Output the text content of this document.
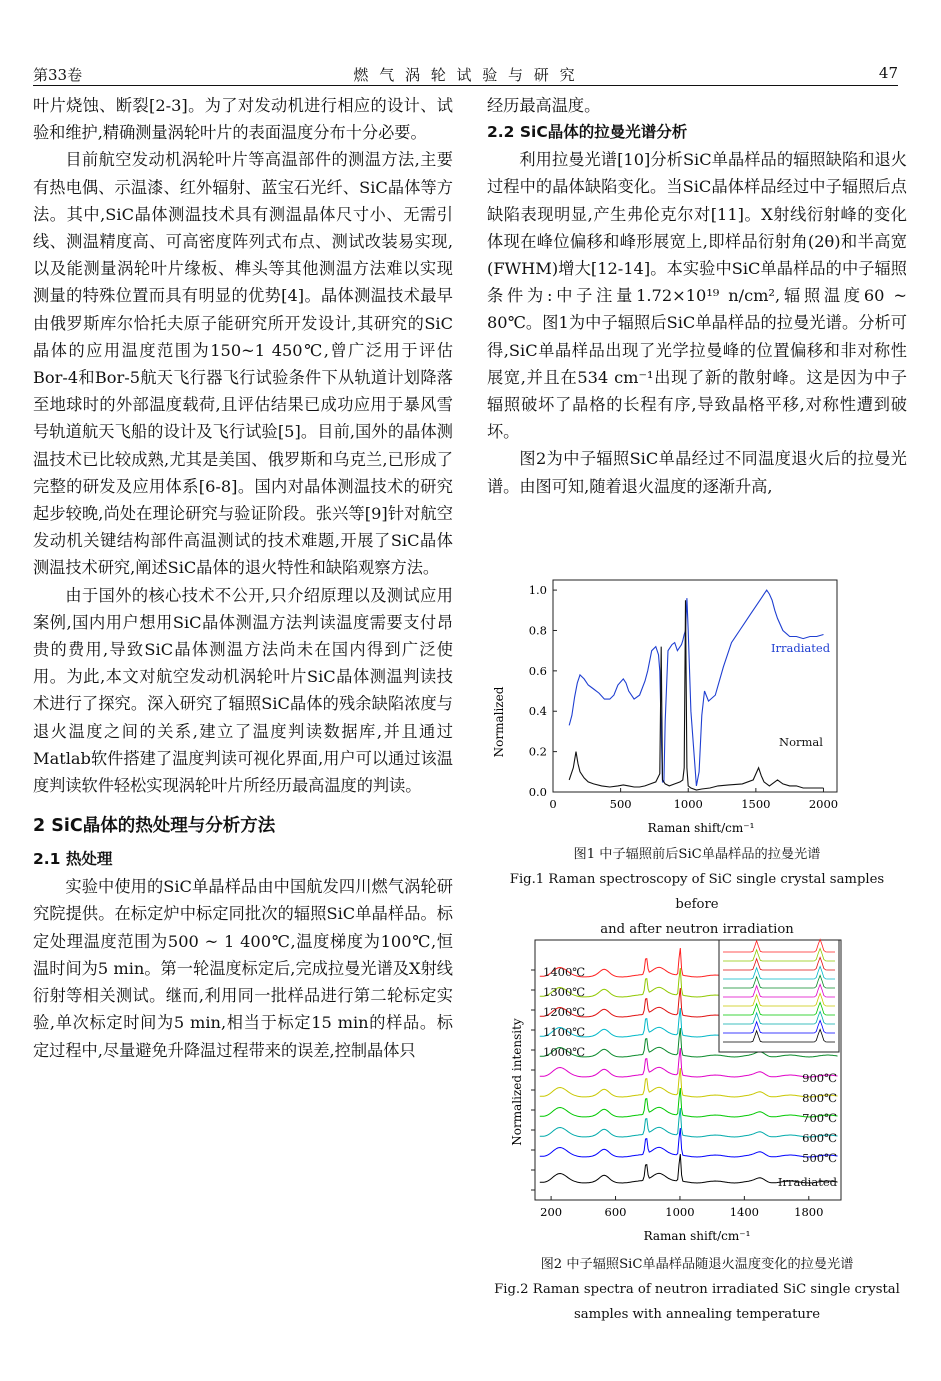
第33卷	燃 气 涡 轮 试 验 与 研 究	47

叶片烧蚀、断裂[2-3]。为了对发动机进行相应的设计、试验和维护,精确测量涡轮叶片的表面温度分布十分必要。

目前航空发动机涡轮叶片等高温部件的测温方法,主要有热电偶、示温漆、红外辐射、蓝宝石光纤、SiC晶体等方法。其中,SiC晶体测温技术具有测温晶体尺寸小、无需引线、测温精度高、可高密度阵列式布点、测试改装易实现,以及能测量涡轮叶片缘板、榫头等其他测温方法难以实现测量的特殊位置而具有明显的优势[4]。晶体测温技术最早由俄罗斯库尔恰托夫原子能研究所开发设计,其研究的SiC晶体的应用温度范围为150~1 450℃,曾广泛用于评估Bor-4和Bor-5航天飞行器飞行试验条件下从轨道计划降落至地球时的外部温度载荷,且评估结果已成功应用于暴风雪号轨道航天飞船的设计及飞行试验[5]。目前,国外的晶体测温技术已比较成熟,尤其是美国、俄罗斯和乌克兰,已形成了完整的研发及应用体系[6-8]。国内对晶体测温技术的研究起步较晚,尚处在理论研究与验证阶段。张兴等[9]针对航空发动机关键结构部件高温测试的技术难题,开展了SiC晶体测温技术研究,阐述SiC晶体的退火特性和缺陷观察方法。

由于国外的核心技术不公开,只介绍原理以及测试应用案例,国内用户想用SiC晶体测温方法判读温度需要支付昂贵的费用,导致SiC晶体测温方法尚未在国内得到广泛使用。为此,本文对航空发动机涡轮叶片SiC晶体测温判读技术进行了探究。深入研究了辐照SiC晶体的残余缺陷浓度与退火温度之间的关系,建立了温度判读数据库,并且通过Matlab软件搭建了温度判读可视化界面,用户可以通过该温度判读软件轻松实现涡轮叶片所经历最高温度的判读。

2 SiC晶体的热处理与分析方法
2.1 热处理

实验中使用的SiC单晶样品由中国航发四川燃气涡轮研究院提供。在标定炉中标定同批次的辐照SiC单晶样品。标定处理温度范围为500 ~ 1 400℃,温度梯度为100℃,恒温时间为5 min。第一轮温度标定后,完成拉曼光谱及X射线衍射等相关测试。继而,利用同一批样品进行第二轮标定实验,单次标定时间为5 min,相当于标定15 min的样品。标定过程中,尽量避免升降温过程带来的误差,控制晶体只

经历最高温度。

2.2 SiC晶体的拉曼光谱分析

利用拉曼光谱[10]分析SiC单晶样品的辐照缺陷和退火过程中的晶体缺陷变化。当SiC晶体样品经过中子辐照后点缺陷表现明显,产生弗伦克尔对[11]。X射线衍射峰的变化体现在峰位偏移和峰形展宽上,即样品衍射角(2θ)和半高宽(FWHM)增大[12-14]。本实验中SiC单晶样品的中子辐照条件为:中子注量1.72×10¹⁹ n/cm²,辐照温度60 ~ 80℃。图1为中子辐照后SiC单晶样品的拉曼光谱。分析可得,SiC单晶样品出现了光学拉曼峰的位置偏移和非对称性展宽,并且在534 cm⁻¹出现了新的散射峰。这是因为中子辐照破坏了晶格的长程有序,导致晶格平移,对称性遭到破坏。

图2为中子辐照SiC单晶经过不同温度退火后的拉曼光谱。由图可知,随着退火温度的逐渐升高,

0	500	1000	1500	2000
0.0
0.2
0.4
0.6
0.8
1.0
Normalized
Raman shift/cm⁻¹
Irradiated
Normal
图1 中子辐照前后SiC单晶样品的拉曼光谱
Fig.1 Raman spectroscopy of SiC single crystal samples before
and after neutron irradiation
200	600	1000	1400	1800
Irradiated
500℃
600℃
700℃
800℃
900℃
1000℃
1100℃
1200℃
1300℃
1400℃
Normalized intensity
Raman shift/cm⁻¹
图2 中子辐照SiC单晶样品随退火温度变化的拉曼光谱
Fig.2 Raman spectra of neutron irradiated SiC single crystal
samples with annealing temperature
